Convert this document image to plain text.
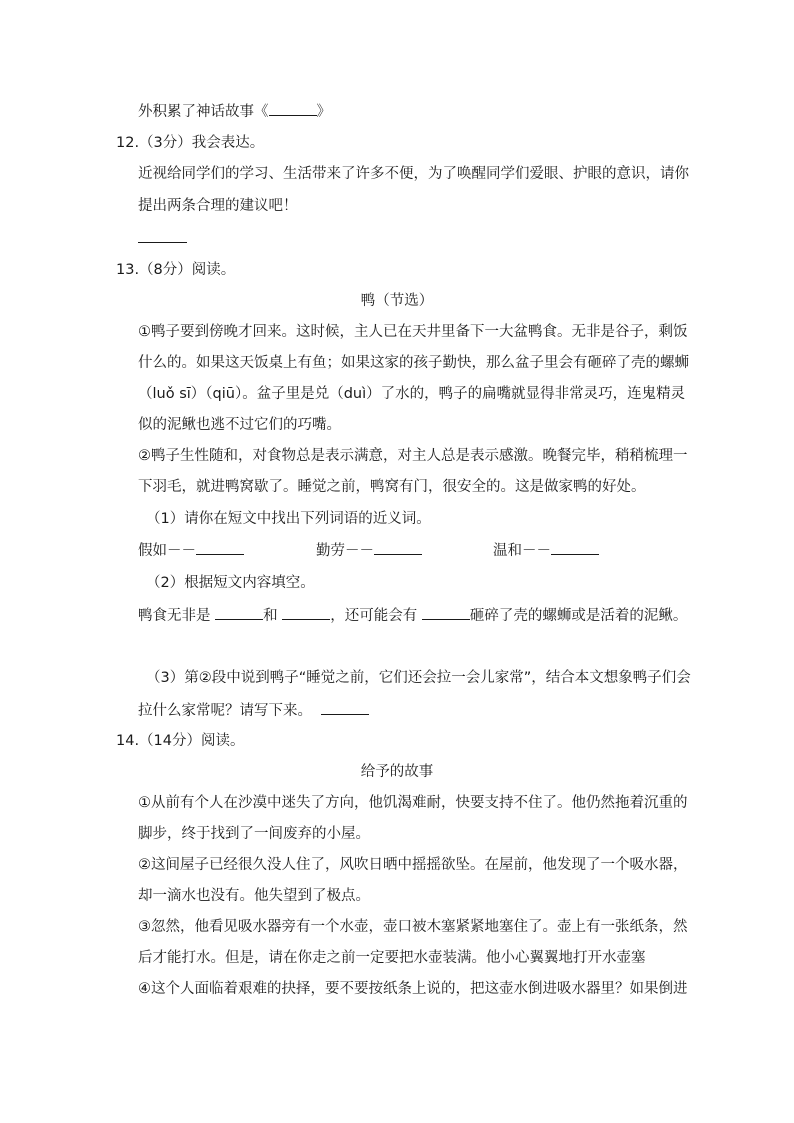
外积累了神话故事《	》
12.（3分）我会表达。
近视给同学们的学习、生活带来了许多不便，为了唤醒同学们爱眼、护眼的意识，请你
提出两条合理的建议吧！
13.（8分）阅读。
鸭（节选）
①鸭子要到傍晚才回来。这时候，主人已在天井里备下一大盆鸭食。无非是谷子，剩饭
什么的。如果这天饭桌上有鱼；如果这家的孩子勤快，那么盆子里会有砸碎了壳的螺蛳
（luǒ sī）（qiū）。盆子里是兑（duì）了水的，鸭子的扁嘴就显得非常灵巧，连鬼精灵
似的泥鳅也逃不过它们的巧嘴。
②鸭子生性随和，对食物总是表示满意，对主人总是表示感激。晚餐完毕，稍稍梳理一
下羽毛，就进鸭窝歇了。睡觉之前，鸭窝有门，很安全的。这是做家鸭的好处。
（1）请你在短文中找出下列词语的近义词。
假如－－	勤劳－－	温和－－
（2）根据短文内容填空。
鸭食无非是	和	，还可能会有	砸碎了壳的螺蛳或是活着的泥鳅。
（3）第②段中说到鸭子“睡觉之前，它们还会拉一会儿家常”，结合本文想象鸭子们会
拉什么家常呢？请写下来。
14.（14分）阅读。
给予的故事
①从前有个人在沙漠中迷失了方向，他饥渴难耐，快要支持不住了。他仍然拖着沉重的
脚步，终于找到了一间废弃的小屋。
②这间屋子已经很久没人住了，风吹日晒中摇摇欲坠。在屋前，他发现了一个吸水器，
却一滴水也没有。他失望到了极点。
③忽然，他看见吸水器旁有一个水壶，壶口被木塞紧紧地塞住了。壶上有一张纸条，然
后才能打水。但是，请在你走之前一定要把水壶装满。他小心翼翼地打开水壶塞
④这个人面临着艰难的抉择，要不要按纸条上说的，把这壶水倒进吸水器里？如果倒进
